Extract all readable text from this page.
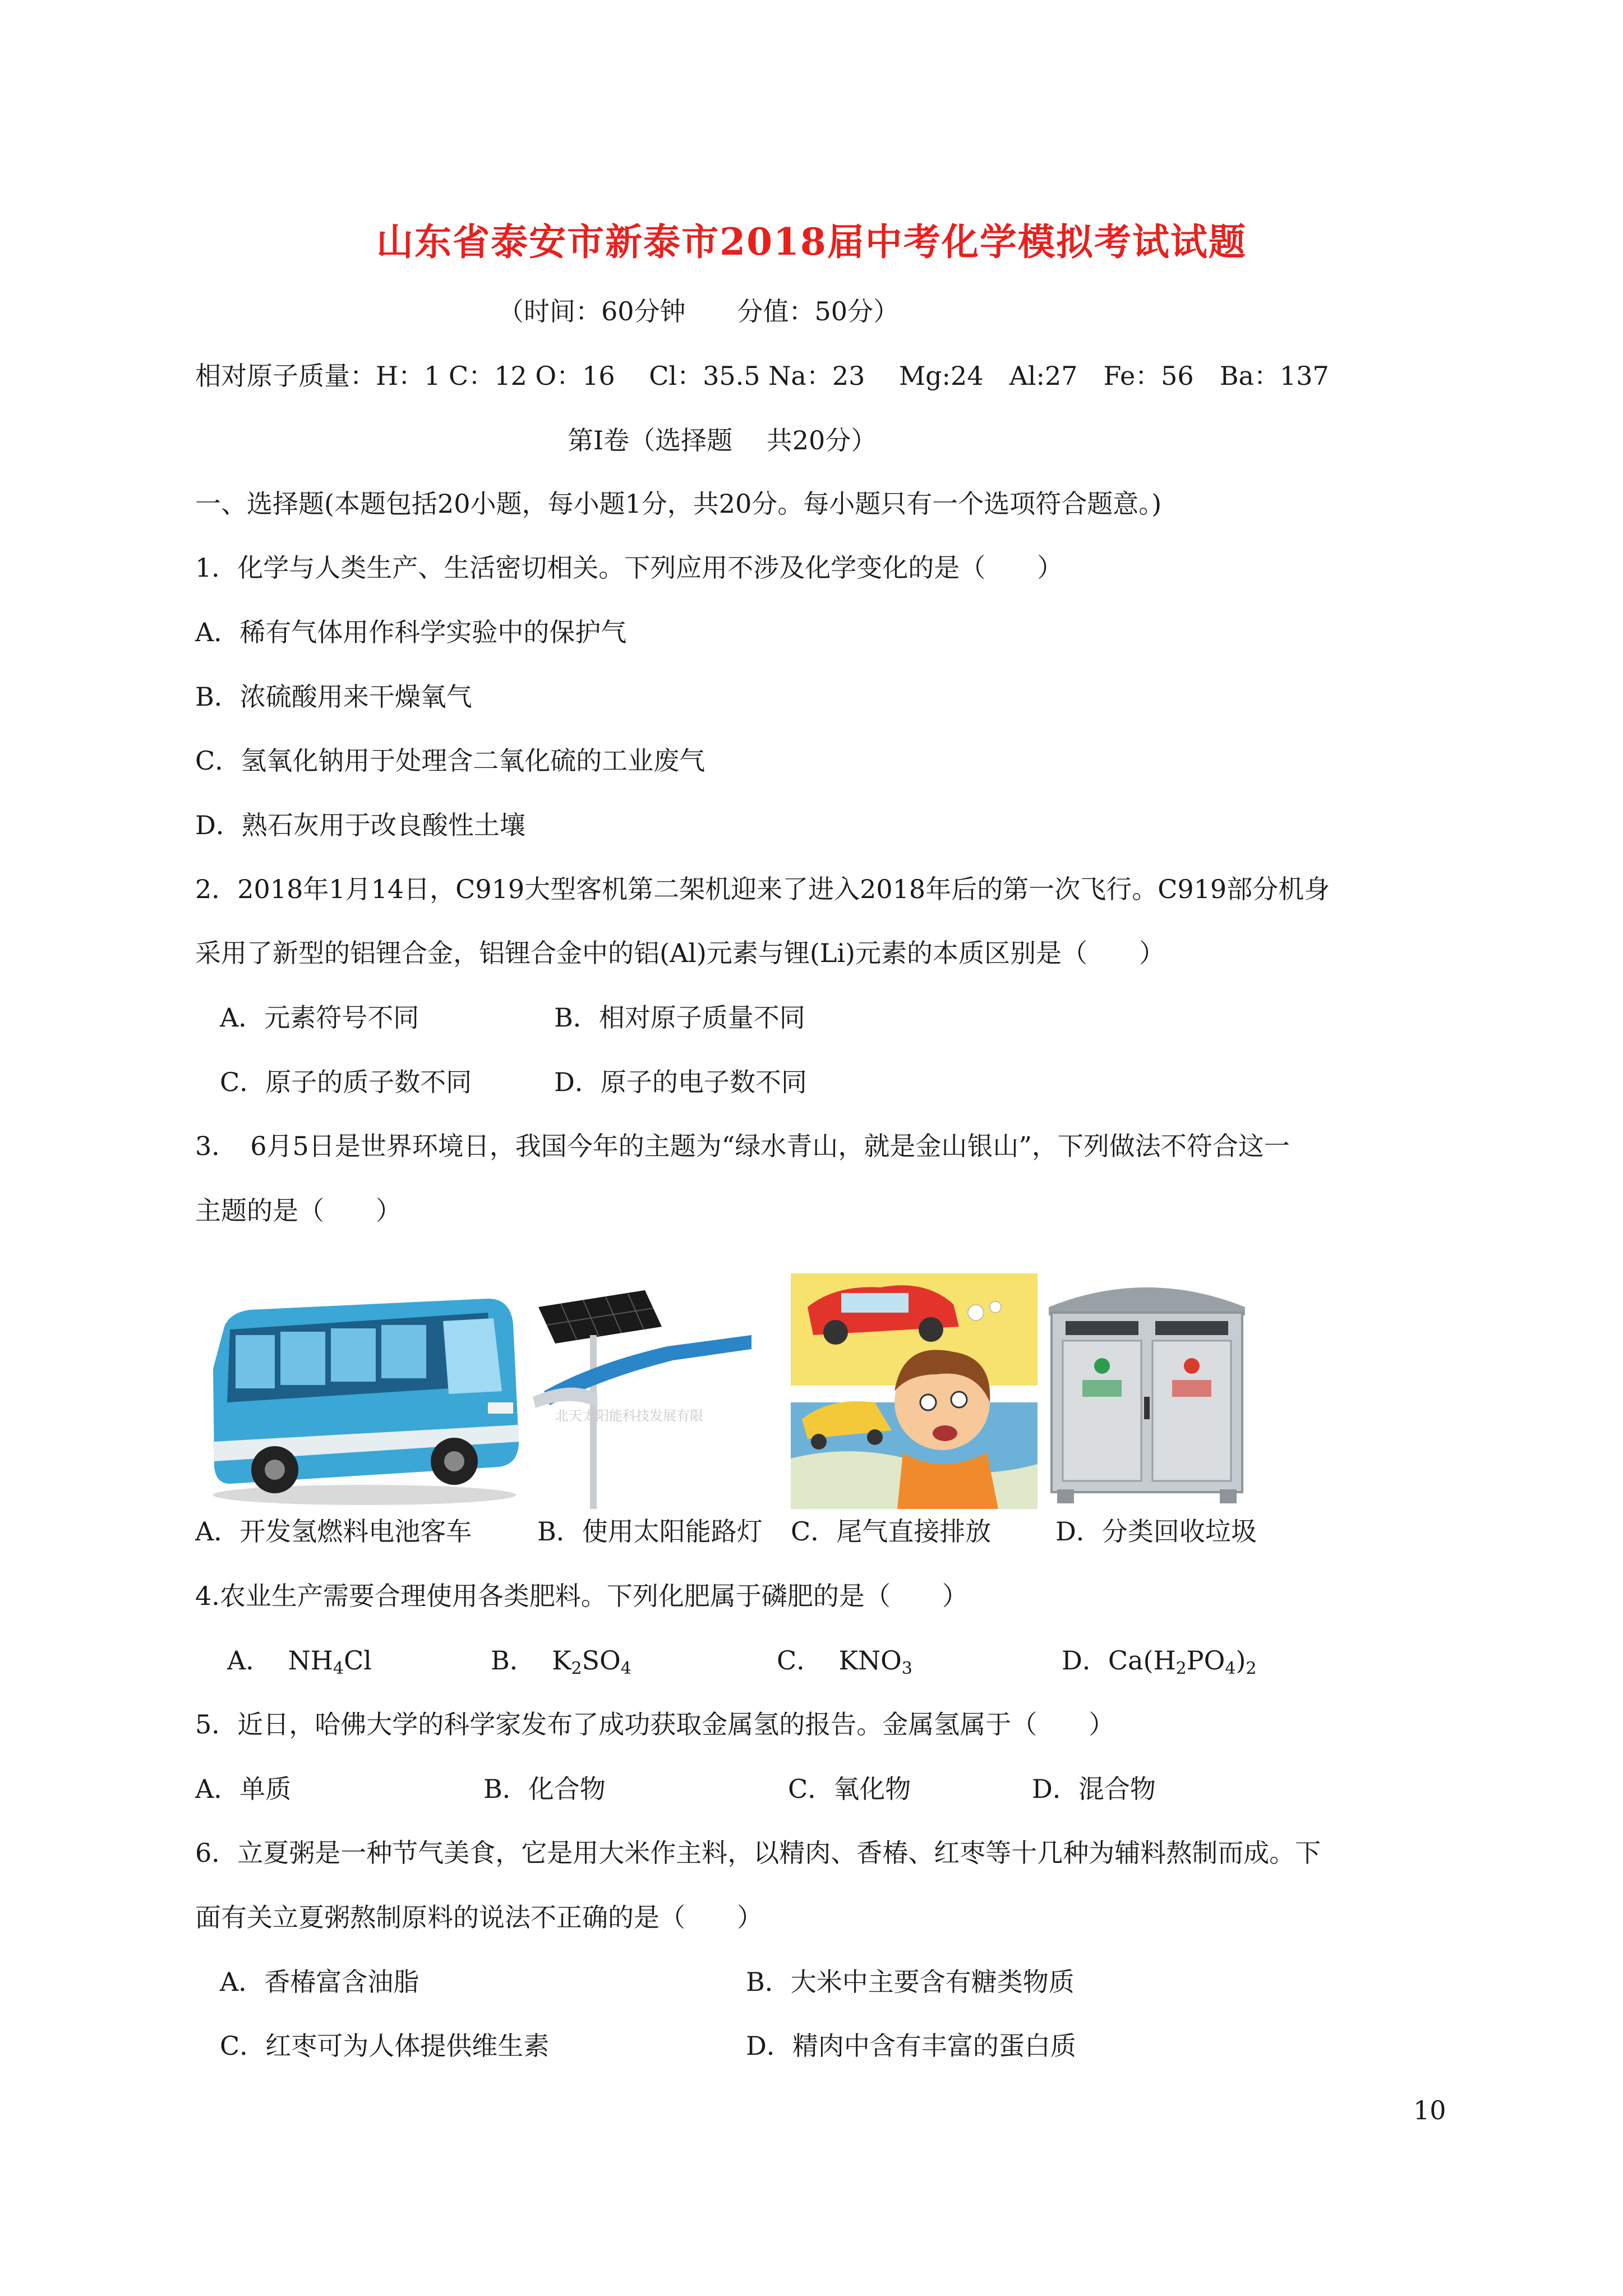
山东省泰安市新泰市2018届中考化学模拟考试试题
（时间：60分钟　　分值：50分）
相对原子质量：H：1 C：12 O：16　 Cl：35.5 Na：23　 Mg:24　Al:27　Fe：56　Ba：137
第Ⅰ卷（选择题　 共20分）
一、选择题(本题包括20小题，每小题1分，共20分。每小题只有一个选项符合题意。)
1．化学与人类生产、生活密切相关。下列应用不涉及化学变化的是（　　）
A．稀有气体用作科学实验中的保护气
B．浓硫酸用来干燥氧气
C．氢氧化钠用于处理含二氧化硫的工业废气
D．熟石灰用于改良酸性土壤
2．2018年1月14日，C919大型客机第二架机迎来了进入2018年后的第一次飞行。C919部分机身
采用了新型的铝锂合金，铝锂合金中的铝(Al)元素与锂(Li)元素的本质区别是（　　）
A．元素符号不同	B．相对原子质量不同
C．原子的质子数不同	D．原子的电子数不同
3．　6月5日是世界环境日，我国今年的主题为“绿水青山，就是金山银山”，下列做法不符合这一
主题的是（　　）
北天太阳能科技发展有限
A．开发氢燃料电池客车	B．使用太阳能路灯 C．尾气直接排放 D．分类回收垃圾
4.农业生产需要合理使用各类肥料。下列化肥属于磷肥的是（　　）
A． $NH_4Cl$	B． $K_2SO_4$	C． $KNO_3$	D．$Ca(H_2PO_4)_2$
5．近日，哈佛大学的科学家发布了成功获取金属氢的报告。金属氢属于（　　）
A．单质	B．化合物	C．氧化物	D．混合物
6．立夏粥是一种节气美食，它是用大米作主料，以精肉、香椿、红枣等十几种为辅料熬制而成。下
面有关立夏粥熬制原料的说法不正确的是（　　）
A．香椿富含油脂	B．大米中主要含有糖类物质
C．红枣可为人体提供维生素	D．精肉中含有丰富的蛋白质
10
